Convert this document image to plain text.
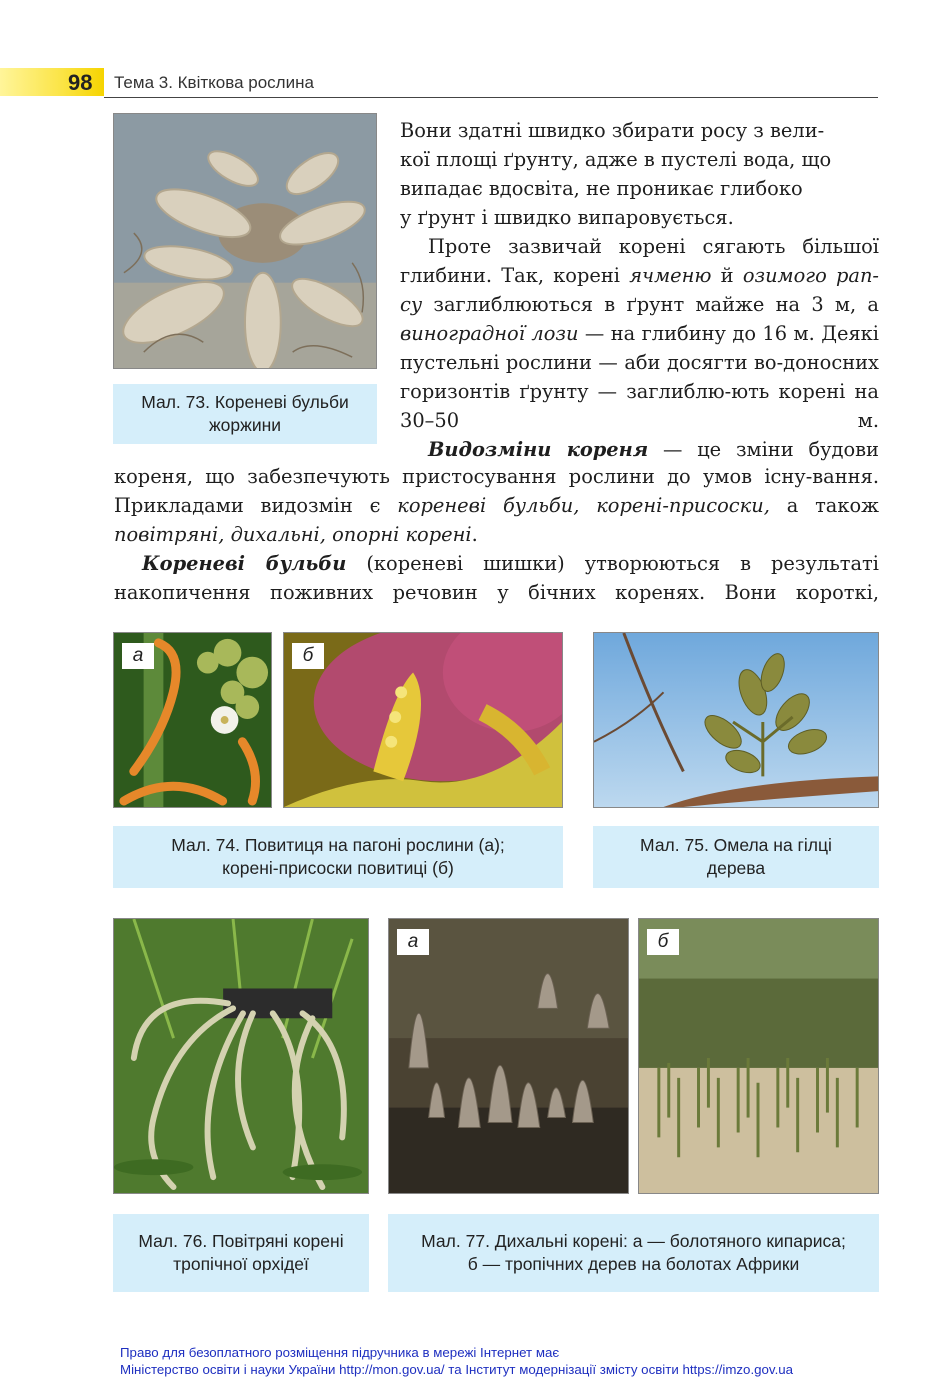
98 Тема 3. Квіткова рослина
Мал. 73. Кореневі бульби
жоржини

Вони здатні швидко збирати росу з вели-
кої площі ґрунту, адже в пустелі вода, що
випадає вдосвіта, не проникає глибоко
у ґрунт і швидко випаровується.

Проте зазвичай корені сягають більшої глибини. Так, корені ячменю й озимого рап-су заглиблюються в ґрунт майже на 3 м, а виноградної лози — на глибину до 16 м. Деякі пустельні рослини — аби досягти во-доносних горизонтів ґрунту — заглиблю-ють корені на 30–50 м.

Видозміни кореня — це зміни будови

кореня, що забезпечують пристосування рослини до умов існу-вання. Прикладами видозмін є кореневі бульби, корені-присоски, а також повітряні, дихальні, опорні корені.

Кореневі бульби (кореневі шишки) утворюються в результаті накопичення поживних речовин у бічних коренях. Вони короткі,

а	б
Мал. 74. Повитиця на пагоні рослини (а);
корені-присоски повитиці (б)
Мал. 75. Омела на гілці
дерева
а	б
Мал. 76. Повітряні корені
тропічної орхідеї
Мал. 77. Дихальні корені: а — болотяного кипариса;
б — тропічних дерев на болотах Африки
Право для безоплатного розміщення підручника в мережі Інтернет має
Міністерство освіти і науки України http://mon.gov.ua/ та Інститут модернізації змісту освіти https://imzo.gov.ua
